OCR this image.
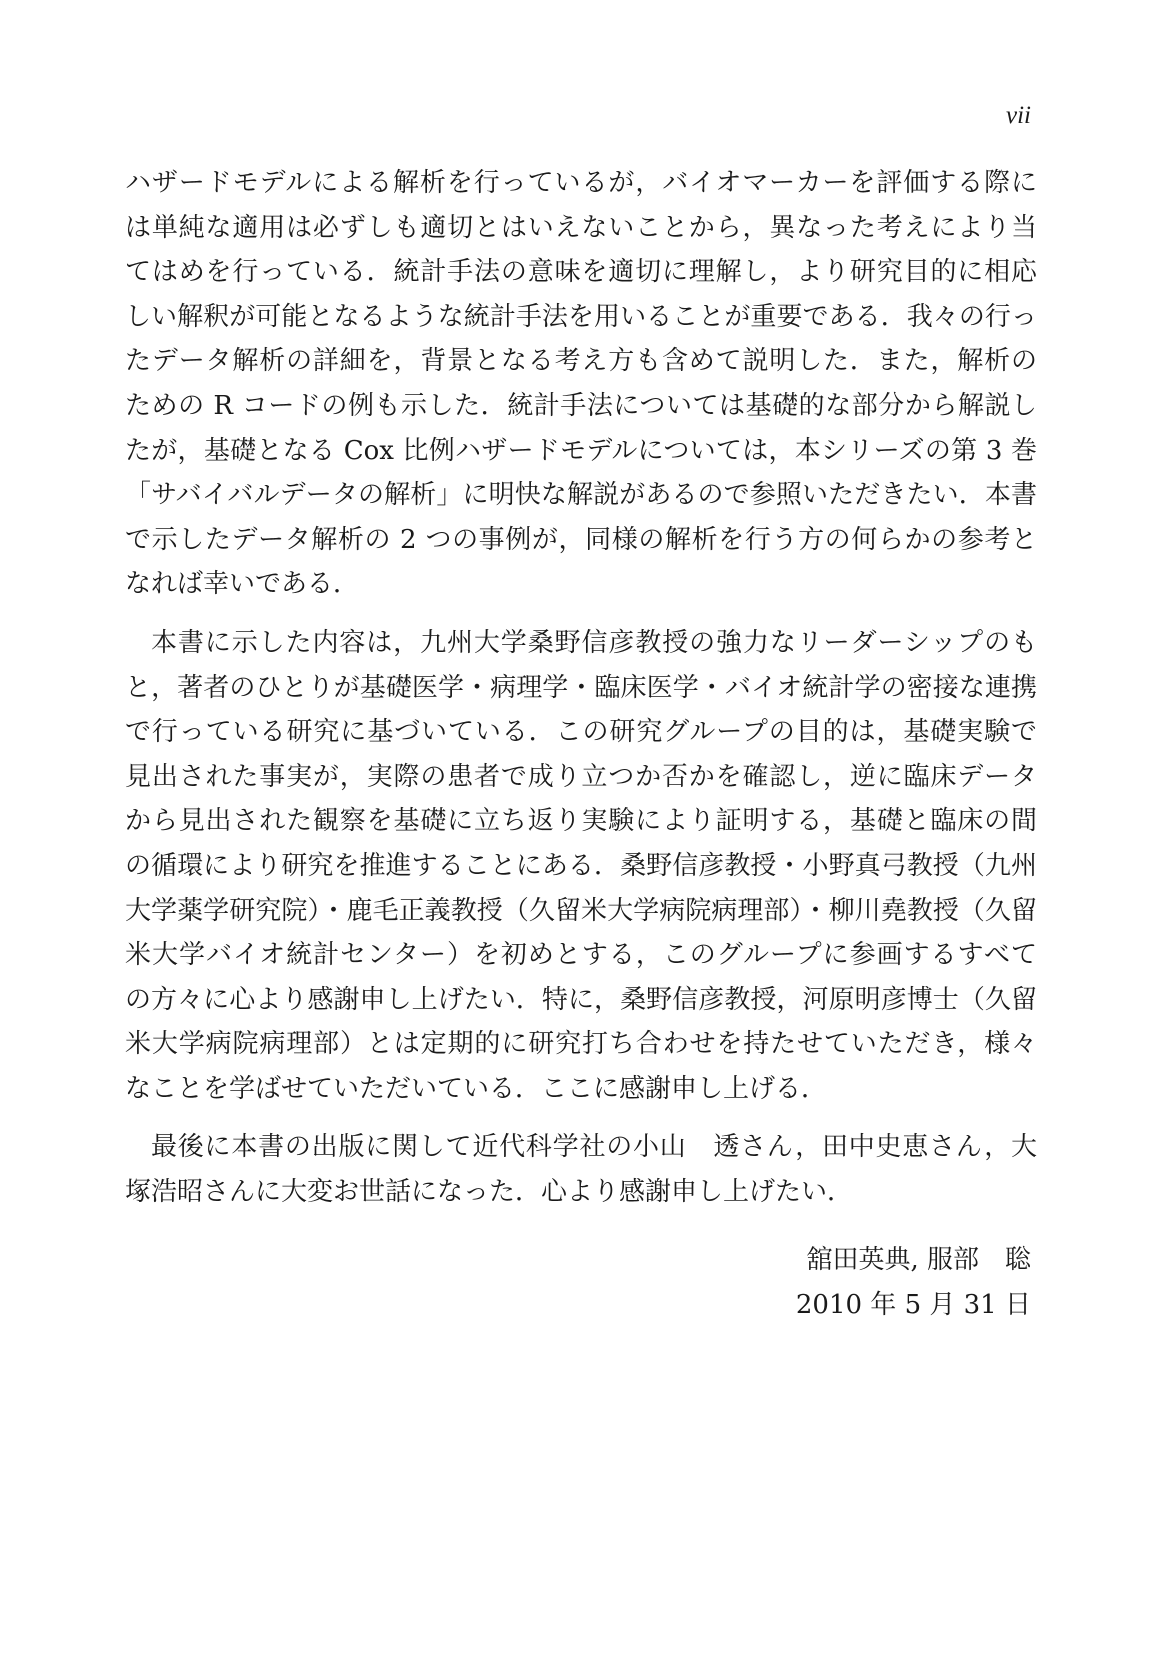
vii
ハザードモデルによる解析を行っているが，バイオマーカーを評価する際に
は単純な適用は必ずしも適切とはいえないことから，異なった考えにより当
てはめを行っている．統計手法の意味を適切に理解し，より研究目的に相応
しい解釈が可能となるような統計手法を用いることが重要である．我々の行っ
たデータ解析の詳細を，背景となる考え方も含めて説明した．また，解析の
ための R コードの例も示した．統計手法については基礎的な部分から解説し
たが，基礎となる Cox 比例ハザードモデルについては，本シリーズの第 3 巻
「サバイバルデータの解析」に明快な解説があるので参照いただきたい．本書
で示したデータ解析の 2 つの事例が，同様の解析を行う方の何らかの参考と
なれば幸いである．
本書に示した内容は，九州大学桑野信彦教授の強力なリーダーシップのも
と，著者のひとりが基礎医学・病理学・臨床医学・バイオ統計学の密接な連携
で行っている研究に基づいている．この研究グループの目的は，基礎実験で
見出された事実が，実際の患者で成り立つか否かを確認し，逆に臨床データ
から見出された観察を基礎に立ち返り実験により証明する，基礎と臨床の間
の循環により研究を推進することにある．桑野信彦教授・小野真弓教授（九州
大学薬学研究院）・鹿毛正義教授（久留米大学病院病理部）・柳川堯教授（久留
米大学バイオ統計センター）を初めとする，このグループに参画するすべて
の方々に心より感謝申し上げたい．特に，桑野信彦教授，河原明彦博士（久留
米大学病院病理部）とは定期的に研究打ち合わせを持たせていただき，様々
なことを学ばせていただいている．ここに感謝申し上げる．
最後に本書の出版に関して近代科学社の小山　透さん，田中史恵さん，大
塚浩昭さんに大変お世話になった．心より感謝申し上げたい．
舘田英典, 服部　聡
2010 年 5 月 31 日
